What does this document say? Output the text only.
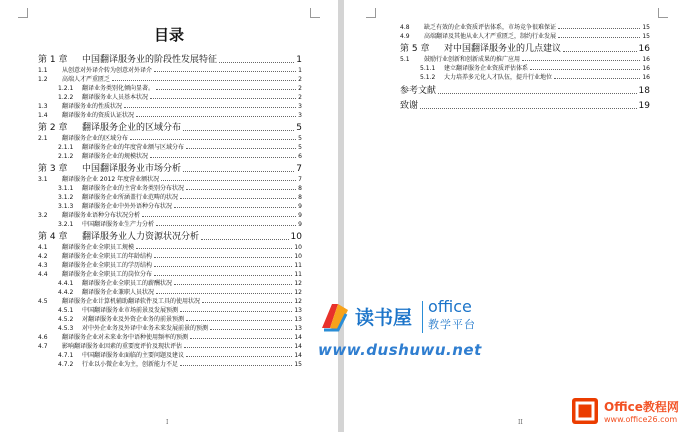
目录
第 1 章	中国翻译服务业的阶段性发展特征	1
1.1	从创意对外译介转为创意对外译介	1
1.2	高端人才严重匮乏	2
1.2.1	翻译业务类别化倾向显著。	2
1.2.2	翻译服务业人员基本状况	2
1.3	翻译服务业的性质状况	3
1.4	翻译服务业的资质认证状况	3
第 2 章	翻译服务企业的区域分布	5
2.1	翻译服务企业的区域分布	5
2.1.1	翻译服务企业的年度营业额与区域分布	5
2.1.2	翻译服务企业的规模状况	6
第 3 章	中国翻译服务业市场分析	7
3.1	翻译服务企业 2012 年度营业额状况	7
3.1.1	翻译服务企业的主营业务类别分布状况	8
3.1.2	翻译服务企业所涵盖行业范畴的状况	8
3.1.3	翻译服务企业中外外语种分布状况	9
3.2	翻译服务业语种分布状况分析	9
3.2.1	中国翻译服务业生产力分析	9
第 4 章	翻译服务业人力资源状况分析	10
4.1	翻译服务企业全职员工规模	10
4.2	翻译服务企业全职员工的年龄结构	10
4.3	翻译服务企业全职员工的学历结构	11
4.4	翻译服务企业全职员工的岗位分布	11
4.4.1	翻译服务企业全职员工的薪酬状况	12
4.4.2	翻译服务企业兼职人员状况	12
4.5	翻译服务企业计算机辅助翻译软件及工具的使用状况	12
4.5.1	中国翻译服务业市场前景及发展预测	13
4.5.2	对翻译服务业及外资企业务的前景预测	13
4.5.3	对中外企业务及外译中业务未来发展前景的预测	13
4.6	翻译服务企业对未来业务中语种使用频率的预测	14
4.7	影响翻译服务业因素的重要度评价及现状评估	14
4.7.1	中国翻译服务业面临的主要问题及建议	14
4.7.2	行业以小微企业为主，创新能力不足	15
I
4.8	缺乏有效的企业资质评估体系，市场竞争很难保证	15
4.9	高端翻译及其他从业人才严重匮乏，制约行业发展	15
第 5 章	对中国翻译服务业的几点建议	16
5.1	鼓励行业创新和创新成果的推广应用	16
5.1.1	建立翻译服务企业资质评估体系	16
5.1.2	大力培养多元化人才队伍，提升行业地位	16
参考文献	18
致谢	19
II
读书屋
office
教学平台
www.dushuwu.net
Office教程网
www.office26.com
